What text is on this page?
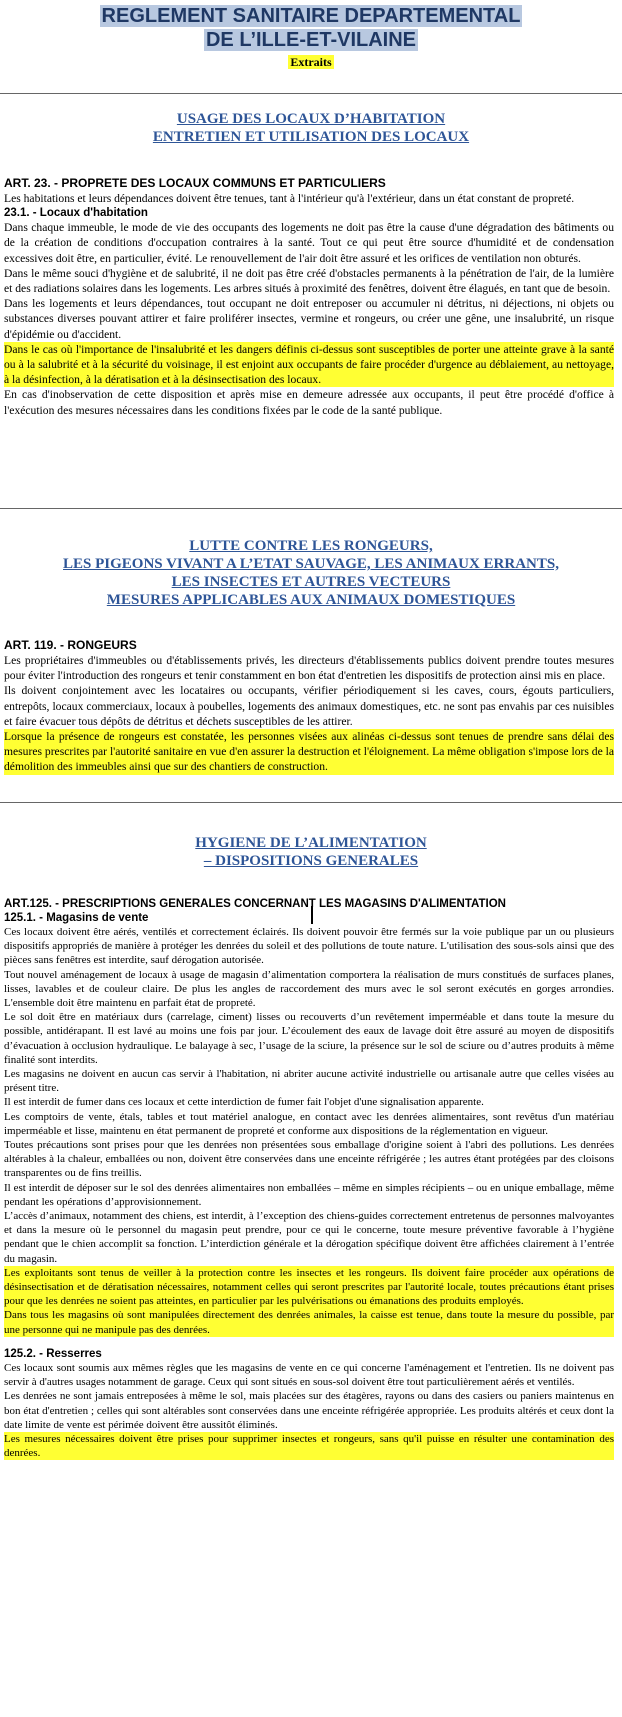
REGLEMENT SANITAIRE DEPARTEMENTAL
DE L’ILLE-ET-VILAINE
Extraits
USAGE DES LOCAUX D’HABITATION
ENTRETIEN ET UTILISATION DES LOCAUX
ART. 23. - PROPRETE DES LOCAUX COMMUNS ET PARTICULIERS

Les habitations et leurs dépendances doivent être tenues, tant à l'intérieur qu'à l'extérieur, dans un état constant de propreté.

23.1. - Locaux d'habitation

Dans chaque immeuble, le mode de vie des occupants des logements ne doit pas être la cause d'une dégradation des bâtiments ou de la création de conditions d'occupation contraires à la santé. Tout ce qui peut être source d'humidité et de condensation excessives doit être, en particulier, évité. Le renouvellement de l'air doit être assuré et les orifices de ventilation non obturés.

Dans le même souci d'hygiène et de salubrité, il ne doit pas être créé d'obstacles permanents à la pénétration de l'air, de la lumière et des radiations solaires dans les logements. Les arbres situés à proximité des fenêtres, doivent être élagués, en tant que de besoin.

Dans les logements et leurs dépendances, tout occupant ne doit entreposer ou accumuler ni détritus, ni déjections, ni objets ou substances diverses pouvant attirer et faire proliférer insectes, vermine et rongeurs, ou créer une gêne, une insalubrité, un risque d'épidémie ou d'accident.

Dans le cas où l'importance de l'insalubrité et les dangers définis ci-dessus sont susceptibles de porter une atteinte grave à la santé ou à la salubrité et à la sécurité du voisinage, il est enjoint aux occupants de faire procéder d'urgence au déblaiement, au nettoyage, à la désinfection, à la dératisation et à la désinsectisation des locaux.

En cas d'inobservation de cette disposition et après mise en demeure adressée aux occupants, il peut être procédé d'office à l'exécution des mesures nécessaires dans les conditions fixées par le code de la santé publique.

LUTTE CONTRE LES RONGEURS,
LES PIGEONS VIVANT A L’ETAT SAUVAGE, LES ANIMAUX ERRANTS,
LES INSECTES ET AUTRES VECTEURS
MESURES APPLICABLES AUX ANIMAUX DOMESTIQUES
ART. 119. - RONGEURS

Les propriétaires d'immeubles ou d'établissements privés, les directeurs d'établissements publics doivent prendre toutes mesures pour éviter l'introduction des rongeurs et tenir constamment en bon état d'entretien les dispositifs de protection ainsi mis en place.

Ils doivent conjointement avec les locataires ou occupants, vérifier périodiquement si les caves, cours, égouts particuliers, entrepôts, locaux commerciaux, locaux à poubelles, logements des animaux domestiques, etc. ne sont pas envahis par ces nuisibles et faire évacuer tous dépôts de détritus et déchets susceptibles de les attirer.

Lorsque la présence de rongeurs est constatée, les personnes visées aux alinéas ci-dessus sont tenues de prendre sans délai des mesures prescrites par l'autorité sanitaire en vue d'en assurer la destruction et l'éloignement. La même obligation s'impose lors de la démolition des immeubles ainsi que sur des chantiers de construction.

HYGIENE DE L’ALIMENTATION
– DISPOSITIONS GENERALES
ART.125. - PRESCRIPTIONS GENERALES CONCERNANT LES MAGASINS D'ALIMENTATION
125.1. - Magasins de vente

Ces locaux doivent être aérés, ventilés et correctement éclairés. Ils doivent pouvoir être fermés sur la voie publique par un ou plusieurs dispositifs appropriés de manière à protéger les denrées du soleil et des pollutions de toute nature. L'utilisation des sous-sols ainsi que des pièces sans fenêtres est interdite, sauf dérogation autorisée.

Tout nouvel aménagement de locaux à usage de magasin d’alimentation comportera la réalisation de murs constitués de surfaces planes, lisses, lavables et de couleur claire. De plus les angles de raccordement des murs avec le sol seront exécutés en gorges arrondies. L'ensemble doit être maintenu en parfait état de propreté.

Le sol doit être en matériaux durs (carrelage, ciment) lisses ou recouverts d’un revêtement imperméable et dans toute la mesure du possible, antidérapant. Il est lavé au moins une fois par jour. L’écoulement des eaux de lavage doit être assuré au moyen de dispositifs d’évacuation à occlusion hydraulique. Le balayage à sec, l’usage de la sciure, la présence sur le sol de sciure ou d’autres produits à même finalité sont interdits.

Les magasins ne doivent en aucun cas servir à l'habitation, ni abriter aucune activité industrielle ou artisanale autre que celles visées au présent titre.

Il est interdit de fumer dans ces locaux et cette interdiction de fumer fait l'objet d'une signalisation apparente.

Les comptoirs de vente, étals, tables et tout matériel analogue, en contact avec les denrées alimentaires, sont revêtus d'un matériau imperméable et lisse, maintenu en état permanent de propreté et conforme aux dispositions de la réglementation en vigueur.

Toutes précautions sont prises pour que les denrées non présentées sous emballage d'origine soient à l'abri des pollutions. Les denrées altérables à la chaleur, emballées ou non, doivent être conservées dans une enceinte réfrigérée ; les autres étant protégées par des cloisons transparentes ou de fins treillis.

Il est interdit de déposer sur le sol des denrées alimentaires non emballées – même en simples récipients – ou en unique emballage, même pendant les opérations d’approvisionnement.

L’accès d’animaux, notamment des chiens, est interdit, à l’exception des chiens-guides correctement entretenus de personnes malvoyantes et dans la mesure où le personnel du magasin peut prendre, pour ce qui le concerne, toute mesure préventive favorable à l’hygiène pendant que le chien accomplit sa fonction. L’interdiction générale et la dérogation spécifique doivent être affichées clairement à l’entrée du magasin.

Les exploitants sont tenus de veiller à la protection contre les insectes et les rongeurs. Ils doivent faire procéder aux opérations de désinsectisation et de dératisation nécessaires, notamment celles qui seront prescrites par l'autorité locale, toutes précautions étant prises pour que les denrées ne soient pas atteintes, en particulier par les pulvérisations ou émanations des produits employés.

Dans tous les magasins où sont manipulées directement des denrées animales, la caisse est tenue, dans toute la mesure du possible, par une personne qui ne manipule pas des denrées.

125.2. - Resserres

Ces locaux sont soumis aux mêmes règles que les magasins de vente en ce qui concerne l'aménagement et l'entretien. Ils ne doivent pas servir à d'autres usages notamment de garage. Ceux qui sont situés en sous-sol doivent être tout particulièrement aérés et ventilés.

Les denrées ne sont jamais entreposées à même le sol, mais placées sur des étagères, rayons ou dans des casiers ou paniers maintenus en bon état d'entretien ; celles qui sont altérables sont conservées dans une enceinte réfrigérée appropriée. Les produits altérés et ceux dont la date limite de vente est périmée doivent être aussitôt éliminés.

Les mesures nécessaires doivent être prises pour supprimer insectes et rongeurs, sans qu'il puisse en résulter une contamination des denrées.
